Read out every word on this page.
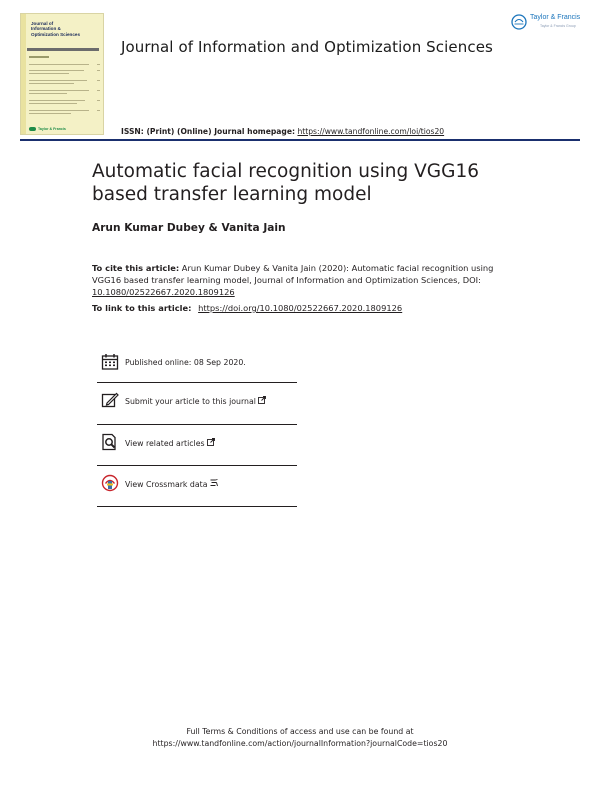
Journal of
Information &
Optimization Sciences
Taylor & Francis
Journal of Information and Optimization Sciences
Taylor & Francis
Taylor & Francis Group
ISSN: (Print) (Online) Journal homepage: https://www.tandfonline.com/loi/tios20
Automatic facial recognition using VGG16 based transfer learning model
Arun Kumar Dubey & Vanita Jain
To cite this article: Arun Kumar Dubey & Vanita Jain (2020): Automatic facial recognition using VGG16 based transfer learning model, Journal of Information and Optimization Sciences, DOI: 10.1080/02522667.2020.1809126
To link to this article: https://doi.org/10.1080/02522667.2020.1809126
Published online: 08 Sep 2020.
Submit your article to this journal
View related articles
View Crossmark data
Full Terms & Conditions of access and use can be found at
https://www.tandfonline.com/action/journalInformation?journalCode=tios20
